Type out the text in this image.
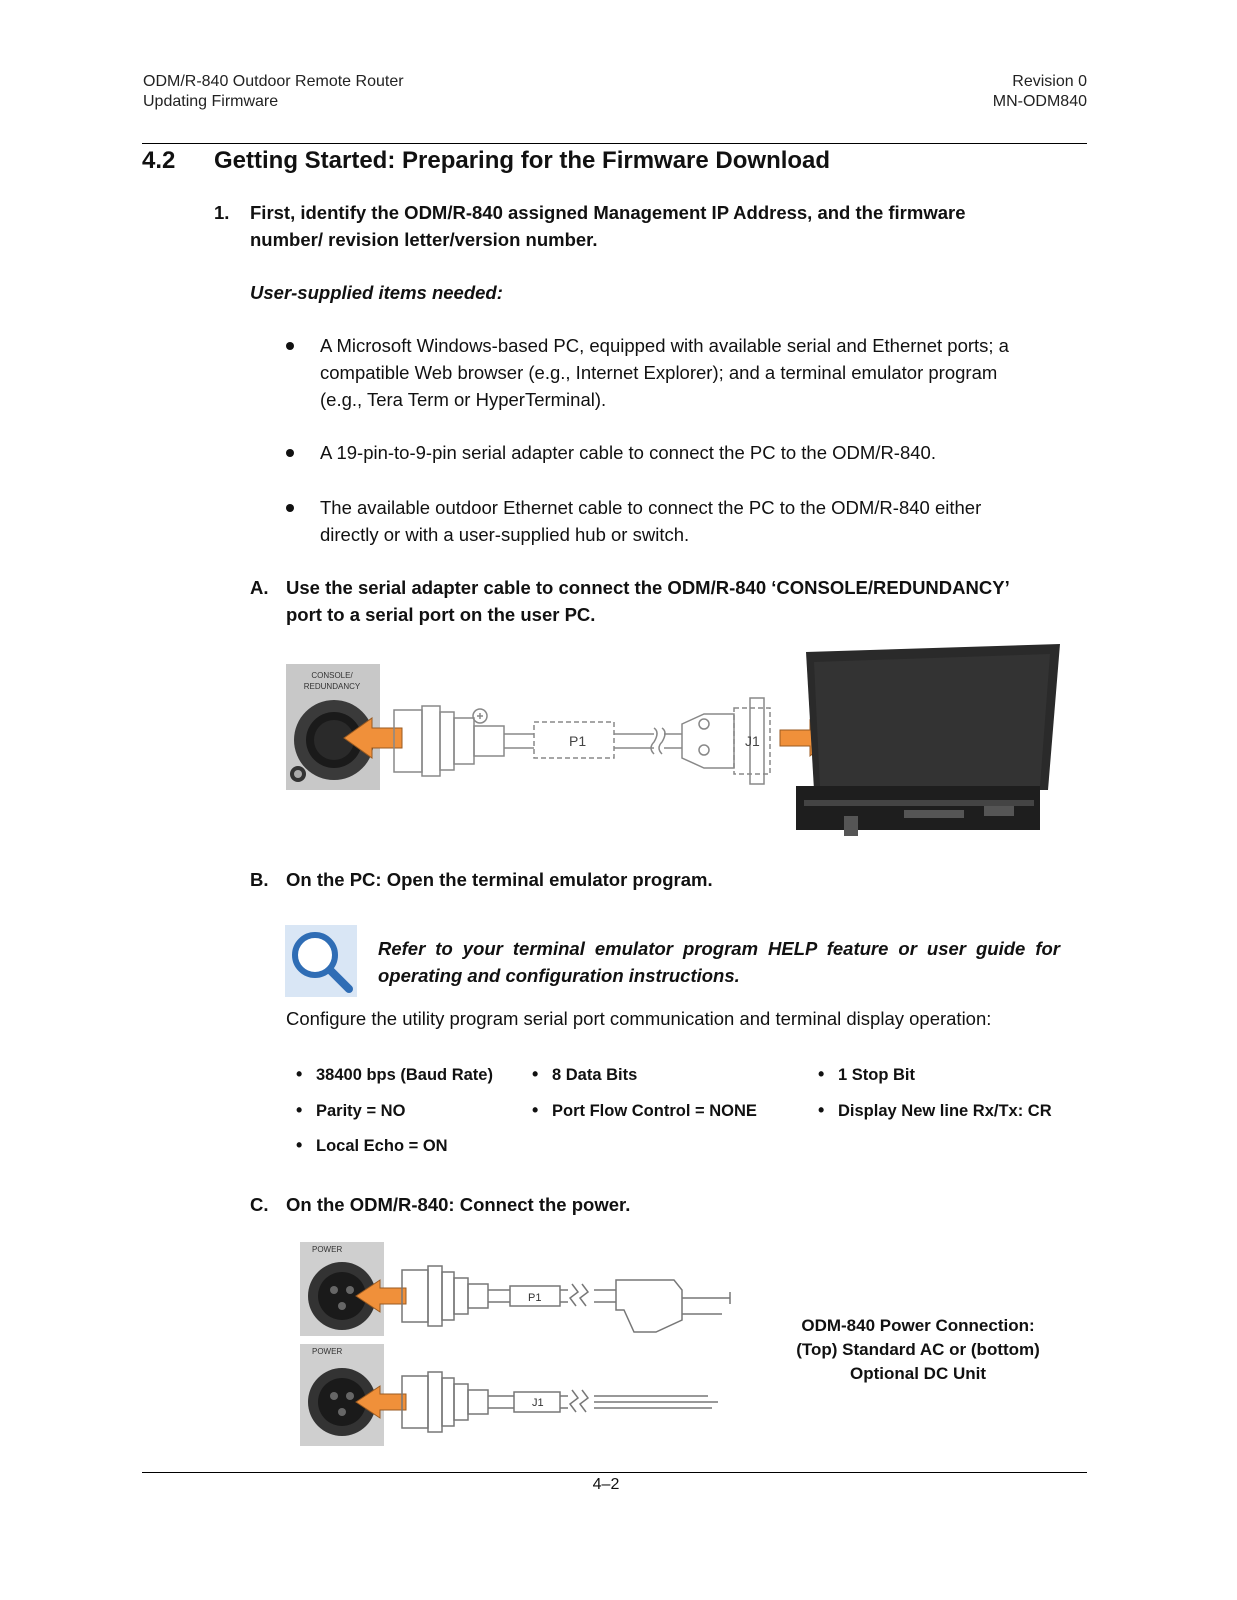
ODM/R-840 Outdoor Remote Router
Updating Firmware
Revision 0
MN-ODM840
4.2 Getting Started: Preparing for the Firmware Download
1. First, identify the ODM/R-840 assigned Management IP Address, and the firmware
number/ revision letter/version number.
User-supplied items needed:
A Microsoft Windows-based PC, equipped with available serial and Ethernet ports; a
compatible Web browser (e.g., Internet Explorer); and a terminal emulator program
(e.g., Tera Term or HyperTerminal).
A 19-pin-to-9-pin serial adapter cable to connect the PC to the ODM/R-840.
The available outdoor Ethernet cable to connect the PC to the ODM/R-840 either
directly or with a user-supplied hub or switch.
A. Use the serial adapter cable to connect the ODM/R-840 ‘CONSOLE/REDUNDANCY’
port to a serial port on the user PC.
CONSOLE/
REDUNDANCY
P1	J1
B. On the PC: Open the terminal emulator program.
Refer to your terminal emulator program HELP feature or user guide for
operating and configuration instructions.
Configure the utility program serial port communication and terminal display operation:
• 38400 bps (Baud Rate)	• 8 Data Bits	• 1 Stop Bit
• Parity = NO	• Port Flow Control = NONE	• Display New line Rx/Tx: CR
• Local Echo = ON
C. On the ODM/R-840: Connect the power.
POWER
P1
POWER
J1
ODM-840 Power Connection:
(Top) Standard AC or (bottom)
Optional DC Unit
4–2
